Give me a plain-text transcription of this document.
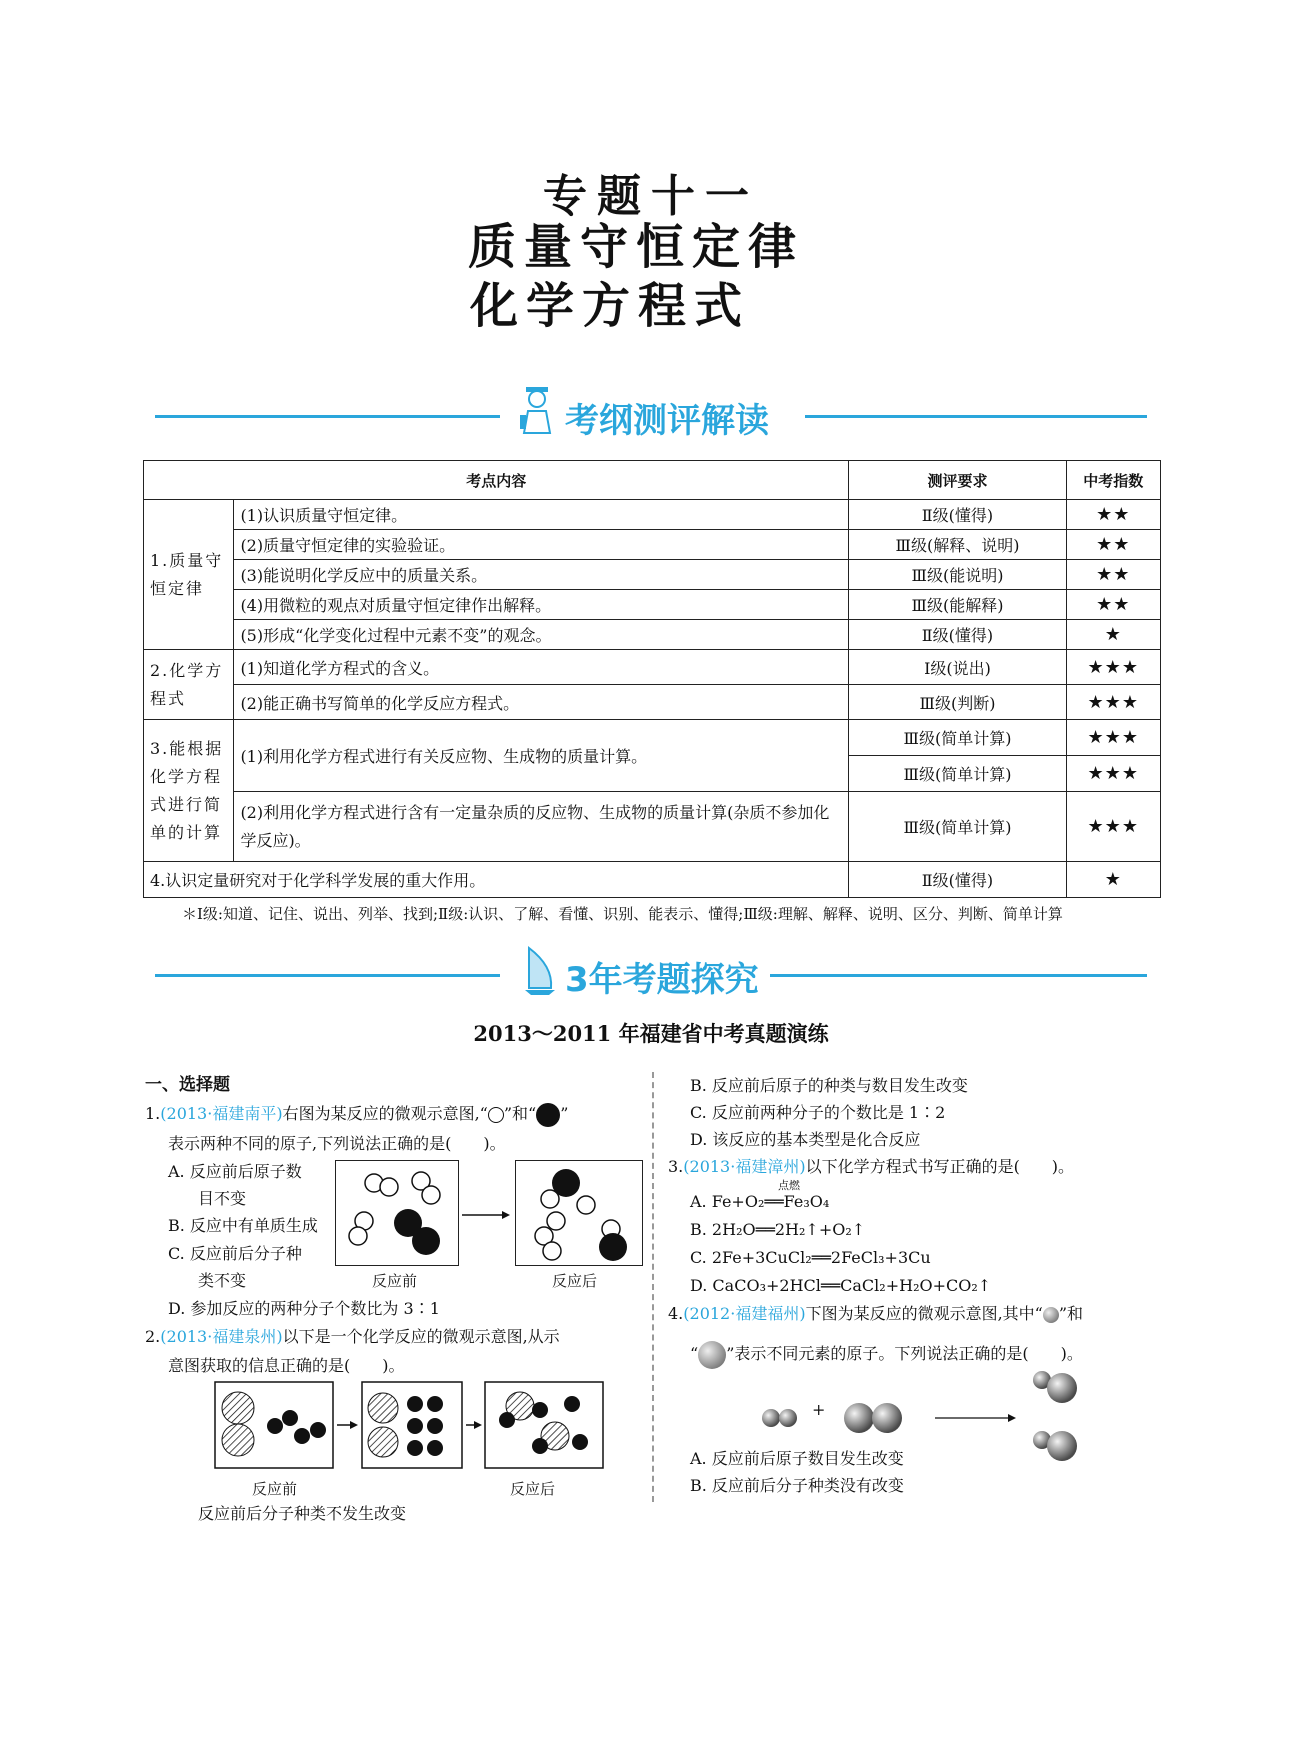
专题十一
质量守恒定律
化学方程式
考纲测评解读
考点内容		测评要求	中考指数
1.质量守恒定律	(1)认识质量守恒定律。	Ⅱ级(懂得)	★★
	(2)质量守恒定律的实验验证。	Ⅲ级(解释、说明)	★★
	(3)能说明化学反应中的质量关系。	Ⅲ级(能说明)	★★
	(4)用微粒的观点对质量守恒定律作出解释。	Ⅲ级(能解释)	★★
	(5)形成“化学变化过程中元素不变”的观念。	Ⅱ级(懂得)	★
2.化学方程式	(1)知道化学方程式的含义。	Ⅰ级(说出)	★★★
	(2)能正确书写简单的化学反应方程式。	Ⅲ级(判断)	★★★
3.能根据化学方程式进行简单的计算	(1)利用化学方程式进行有关反应物、生成物的质量计算。	Ⅲ级(简单计算)	★★★
		Ⅲ级(简单计算)	★★★
	(2)利用化学方程式进行含有一定量杂质的反应物、生成物的质量计算(杂质不参加化学反应)。	Ⅲ级(简单计算)	★★★
4.认识定量研究对于化学科学发展的重大作用。		Ⅱ级(懂得)	★
＊Ⅰ级:知道、记住、说出、列举、找到;Ⅱ级:认识、了解、看懂、识别、能表示、懂得;Ⅲ级:理解、解释、说明、区分、判断、简单计算
3年考题探究
2013～2011 年福建省中考真题演练
一、选择题
1.(2013·福建南平)右图为某反应的微观示意图,“ ”和“ ”
表示两种不同的原子,下列说法正确的是(　　)。
A. 反应前后原子数
目不变
B. 反应中有单质生成
C. 反应前后分子种
类不变
D. 参加反应的两种分子个数比为 3∶1
反应前	反应后
2.(2013·福建泉州)以下是一个化学反应的微观示意图,从示
意图获取的信息正确的是(　　)。
反应前	反应后
反应前后分子种类不发生改变
B. 反应前后原子的种类与数目发生改变
C. 反应前两种分子的个数比是 1∶2
D. 该反应的基本类型是化合反应
3.(2013·福建漳州)以下化学方程式书写正确的是(　　)。
点燃
A. Fe+O₂══Fe₃O₄
B. 2H₂O══2H₂↑+O₂↑
C. 2Fe+3CuCl₂══2FeCl₃+3Cu
D. CaCO₃+2HCl══CaCl₂+H₂O+CO₂↑
4.(2012·福建福州)下图为某反应的微观示意图,其中“ ”和
“ ”表示不同元素的原子。下列说法正确的是(　　)。
+
A. 反应前后原子数目发生改变
B. 反应前后分子种类没有改变
